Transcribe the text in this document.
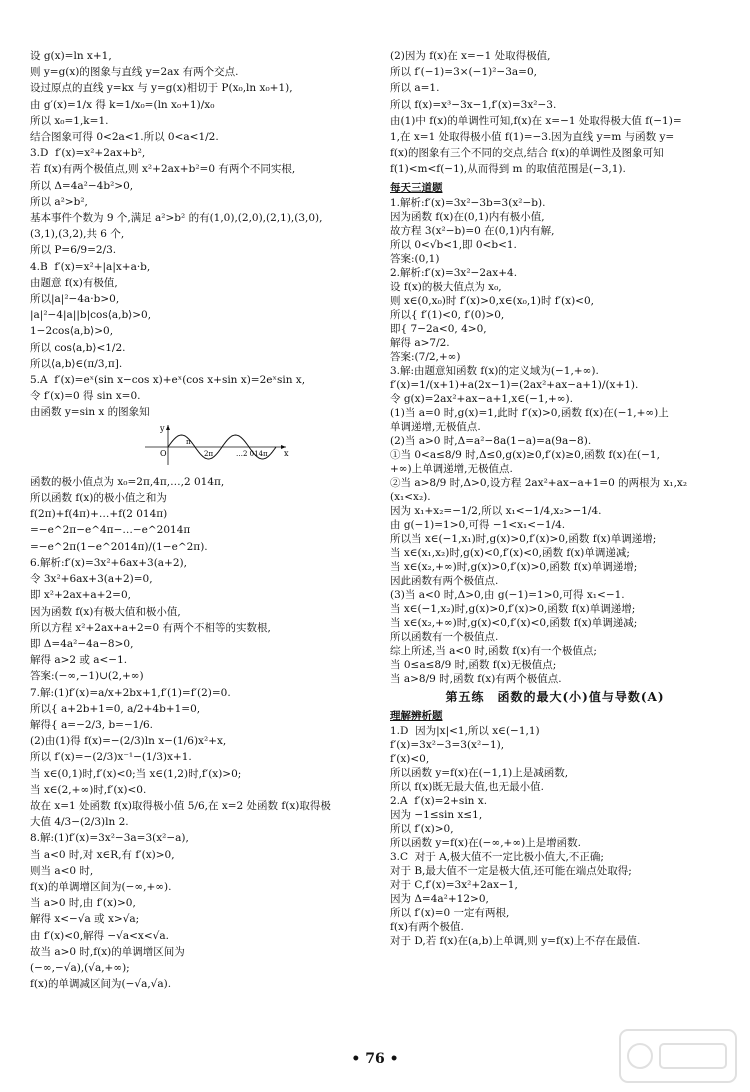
设 g(x)=ln x+1,
则 y=g(x)的图象与直线 y=2ax 有两个交点.
设过原点的直线 y=kx 与 y=g(x)相切于 P(x₀,ln x₀+1),
由 g′(x)=1/x 得 k=1/x₀=(ln x₀+1)/x₀
所以 x₀=1,k=1.
结合图象可得 0<2a<1.所以 0<a<1/2.
3.D  f′(x)=x²+2ax+b²,
若 f(x)有两个极值点,则 x²+2ax+b²=0 有两个不同实根,
所以 Δ=4a²−4b²>0,
所以 a²>b²,
基本事件个数为 9 个,满足 a²>b² 的有(1,0),(2,0),(2,1),(3,0),
(3,1),(3,2),共 6 个,
所以 P=6/9=2/3.
4.B  f′(x)=x²+|a|x+a·b,
由题意 f(x)有极值,
所以|a|²−4a·b>0,
|a|²−4|a||b|cos⟨a,b⟩>0,
1−2cos⟨a,b⟩>0,
所以 cos⟨a,b⟩<1/2.
所以⟨a,b⟩∈(π/3,π].
5.A  f′(x)=eˣ(sin x−cos x)+eˣ(cos x+sin x)=2eˣsin x,
令 f′(x)=0 得 sin x=0.
由函数 y=sin x 的图象知
y
x
O
π
2π	…2 014π
函数的极小值点为 x₀=2π,4π,…,2 014π,
所以函数 f(x)的极小值之和为
f(2π)+f(4π)+…+f(2 014π)
=−e^2π−e^4π−…−e^2014π
=−e^2π(1−e^2014π)/(1−e^2π).
6.解析:f′(x)=3x²+6ax+3(a+2),
令 3x²+6ax+3(a+2)=0,
即 x²+2ax+a+2=0,
因为函数 f(x)有极大值和极小值,
所以方程 x²+2ax+a+2=0 有两个不相等的实数根,
即 Δ=4a²−4a−8>0,
解得 a>2 或 a<−1.
答案:(−∞,−1)∪(2,+∞)
7.解:(1)f′(x)=a/x+2bx+1,f′(1)=f′(2)=0.
所以{ a+2b+1=0, a/2+4b+1=0,
解得{ a=−2/3, b=−1/6.
(2)由(1)得 f(x)=−(2/3)ln x−(1/6)x²+x,
所以 f′(x)=−(2/3)x⁻¹−(1/3)x+1.
当 x∈(0,1)时,f′(x)<0;当 x∈(1,2)时,f′(x)>0;
当 x∈(2,+∞)时,f′(x)<0.
故在 x=1 处函数 f(x)取得极小值 5/6,在 x=2 处函数 f(x)取得极
大值 4/3−(2/3)ln 2.
8.解:(1)f′(x)=3x²−3a=3(x²−a),
当 a<0 时,对 x∈R,有 f′(x)>0,
则当 a<0 时,
f(x)的单调增区间为(−∞,+∞).
当 a>0 时,由 f′(x)>0,
解得 x<−√a 或 x>√a;
由 f′(x)<0,解得 −√a<x<√a.
故当 a>0 时,f(x)的单调增区间为
(−∞,−√a),(√a,+∞);
f(x)的单调减区间为(−√a,√a).
(2)因为 f(x)在 x=−1 处取得极值,
所以 f′(−1)=3×(−1)²−3a=0,
所以 a=1.
所以 f(x)=x³−3x−1,f′(x)=3x²−3.
由(1)中 f(x)的单调性可知,f(x)在 x=−1 处取得极大值 f(−1)=
1,在 x=1 处取得极小值 f(1)=−3.因为直线 y=m 与函数 y=
f(x)的图象有三个不同的交点,结合 f(x)的单调性及图象可知
f(1)<m<f(−1),从而得到 m 的取值范围是(−3,1).
每天三道题
1.解析:f′(x)=3x²−3b=3(x²−b).
因为函数 f(x)在(0,1)内有极小值,
故方程 3(x²−b)=0 在(0,1)内有解,
所以 0<√b<1,即 0<b<1.
答案:(0,1)
2.解析:f′(x)=3x²−2ax+4.
设 f(x)的极大值点为 x₀,
则 x∈(0,x₀)时 f′(x)>0,x∈(x₀,1)时 f′(x)<0,
所以{ f′(1)<0, f′(0)>0,
即{ 7−2a<0, 4>0,
解得 a>7/2.
答案:(7/2,+∞)
3.解:由题意知函数 f(x)的定义域为(−1,+∞).
f′(x)=1/(x+1)+a(2x−1)=(2ax²+ax−a+1)/(x+1).
令 g(x)=2ax²+ax−a+1,x∈(−1,+∞).
(1)当 a=0 时,g(x)=1,此时 f′(x)>0,函数 f(x)在(−1,+∞)上
单调递增,无极值点.
(2)当 a>0 时,Δ=a²−8a(1−a)=a(9a−8).
①当 0<a≤8/9 时,Δ≤0,g(x)≥0,f′(x)≥0,函数 f(x)在(−1,
+∞)上单调递增,无极值点.
②当 a>8/9 时,Δ>0,设方程 2ax²+ax−a+1=0 的两根为 x₁,x₂
(x₁<x₂).
因为 x₁+x₂=−1/2,所以 x₁<−1/4,x₂>−1/4.
由 g(−1)=1>0,可得 −1<x₁<−1/4.
所以当 x∈(−1,x₁)时,g(x)>0,f′(x)>0,函数 f(x)单调递增;
当 x∈(x₁,x₂)时,g(x)<0,f′(x)<0,函数 f(x)单调递减;
当 x∈(x₂,+∞)时,g(x)>0,f′(x)>0,函数 f(x)单调递增;
因此函数有两个极值点.
(3)当 a<0 时,Δ>0,由 g(−1)=1>0,可得 x₁<−1.
当 x∈(−1,x₂)时,g(x)>0,f′(x)>0,函数 f(x)单调递增;
当 x∈(x₂,+∞)时,g(x)<0,f′(x)<0,函数 f(x)单调递减;
所以函数有一个极值点.
综上所述,当 a<0 时,函数 f(x)有一个极值点;
当 0≤a≤8/9 时,函数 f(x)无极值点;
当 a>8/9 时,函数 f(x)有两个极值点.
第五练　函数的最大(小)值与导数(A)
理解辨析题
1.D  因为|x|<1,所以 x∈(−1,1)
f′(x)=3x²−3=3(x²−1),
f′(x)<0,
所以函数 y=f(x)在(−1,1)上是减函数,
所以 f(x)既无最大值,也无最小值.
2.A  f′(x)=2+sin x.
因为 −1≤sin x≤1,
所以 f′(x)>0,
所以函数 y=f(x)在(−∞,+∞)上是增函数.
3.C  对于 A,极大值不一定比极小值大,不正确;
对于 B,最大值不一定是极大值,还可能在端点处取得;
对于 C,f′(x)=3x²+2ax−1,
因为 Δ=4a²+12>0,
所以 f′(x)=0 一定有两根,
f(x)有两个极值.
对于 D,若 f(x)在(a,b)上单调,则 y=f(x)上不存在最值.
• 76 •
